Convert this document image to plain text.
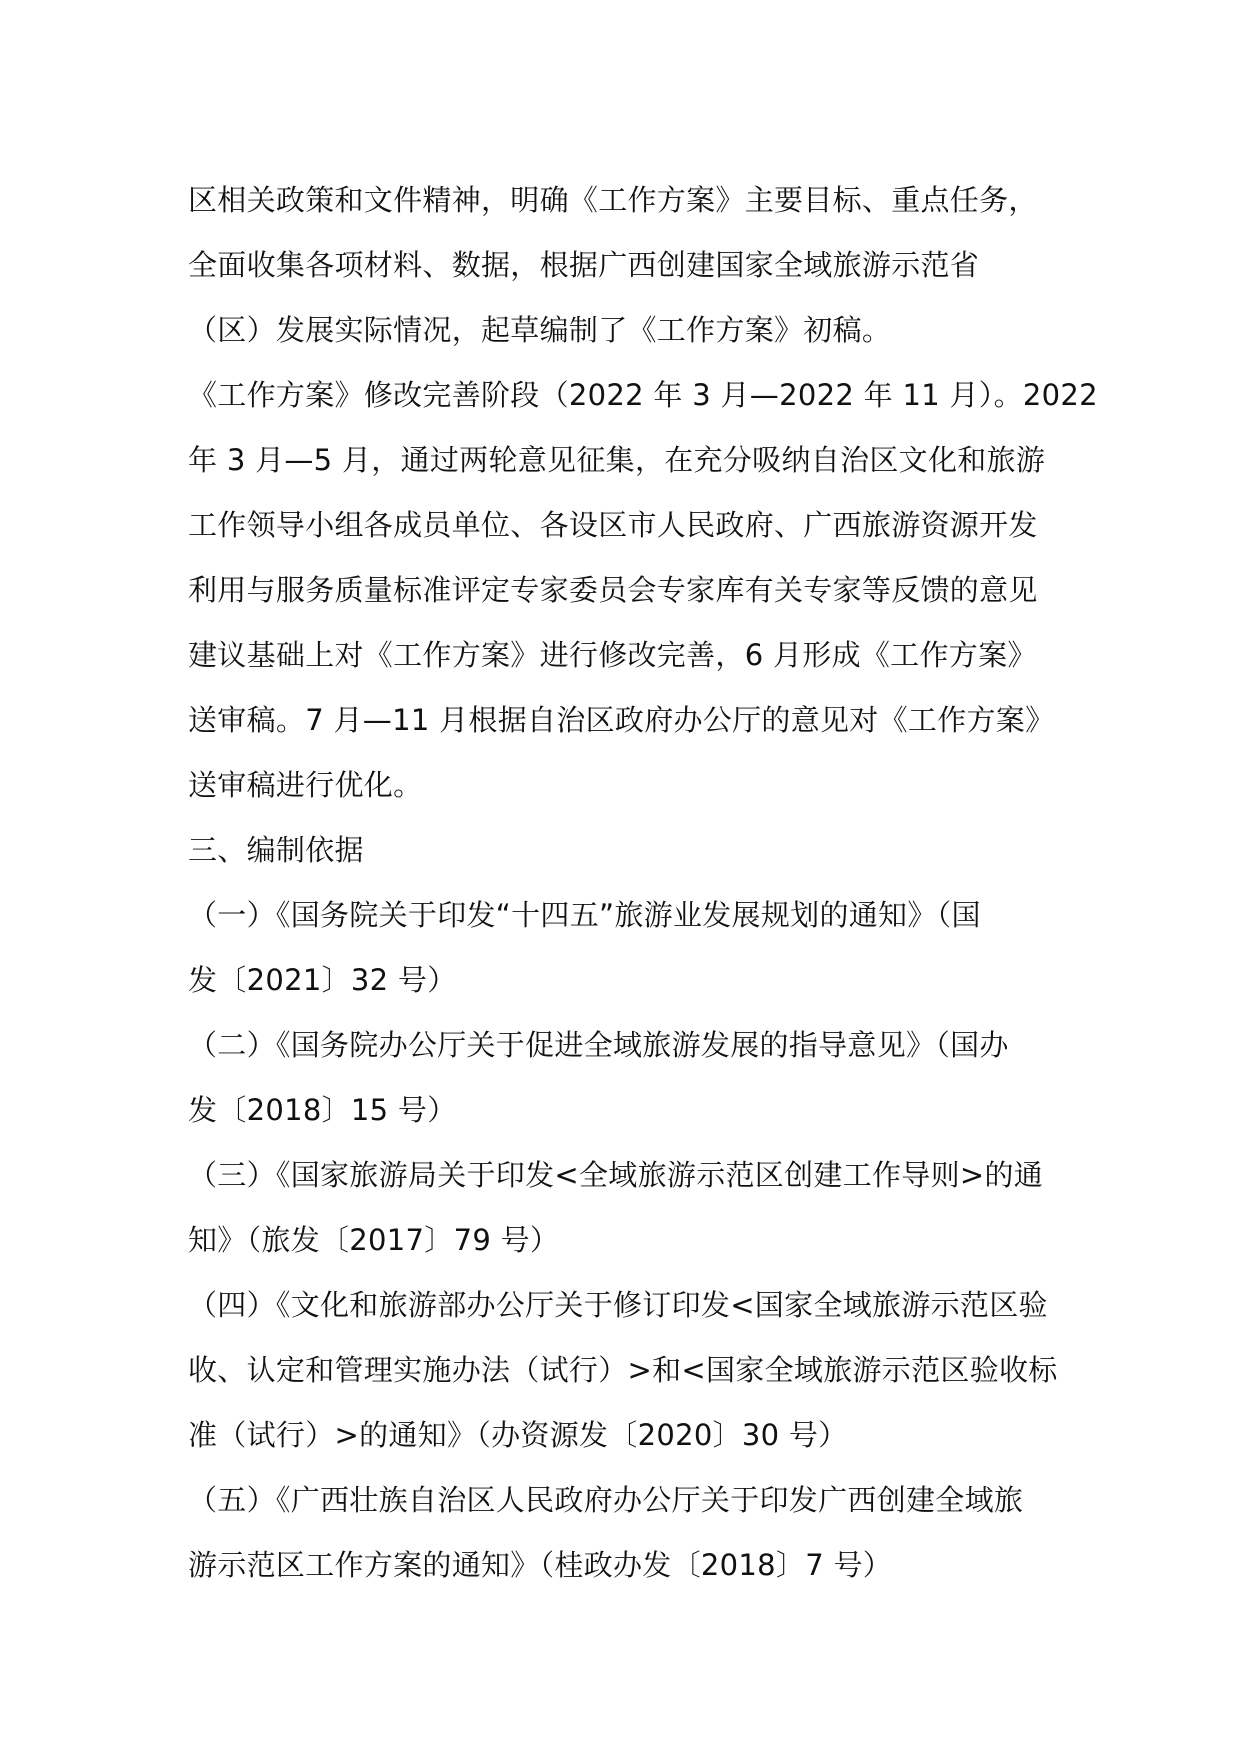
区相关政策和文件精神，明确《工作方案》主要目标、重点任务，
全面收集各项材料、数据，根据广西创建国家全域旅游示范省
（区）发展实际情况，起草编制了《工作方案》初稿。
《工作方案》修改完善阶段（2022 年 3 月—2022 年 11 月）。2022
年 3 月—5 月，通过两轮意见征集，在充分吸纳自治区文化和旅游
工作领导小组各成员单位、各设区市人民政府、广西旅游资源开发
利用与服务质量标准评定专家委员会专家库有关专家等反馈的意见
建议基础上对《工作方案》进行修改完善，6 月形成《工作方案》
送审稿。7 月—11 月根据自治区政府办公厅的意见对《工作方案》
送审稿进行优化。
三、编制依据
（一）《国务院关于印发“十四五”旅游业发展规划的通知》（国
发〔2021〕32 号）
（二）《国务院办公厅关于促进全域旅游发展的指导意见》（国办
发〔2018〕15 号）
（三）《国家旅游局关于印发<全域旅游示范区创建工作导则>的通
知》（旅发〔2017〕79 号）
（四）《文化和旅游部办公厅关于修订印发<国家全域旅游示范区验
收、认定和管理实施办法（试行）>和<国家全域旅游示范区验收标
准（试行）>的通知》（办资源发〔2020〕30 号）
（五）《广西壮族自治区人民政府办公厅关于印发广西创建全域旅
游示范区工作方案的通知》（桂政办发〔2018〕7 号）
